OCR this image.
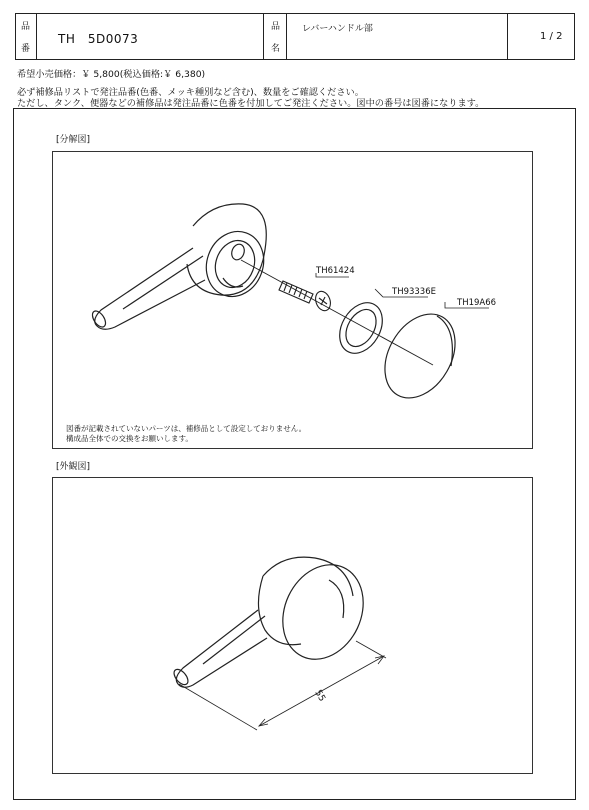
品
番
TH　5D0073
品
名
レバーハンドル部
1 / 2
希望小売価格：￥ 5,800(税込価格:￥ 6,380)
必ず補修品リストで発注品番(色番、メッキ種別など含む)、数量をご確認ください。
ただし、タンク、便器などの補修品は発注品番に色番を付加してご発注ください。図中の番号は図番になります。
[分解図]
TH61424
TH93336E
TH19A66
図番が記載されていないパーツは、補修品として設定しておりません。
構成品全体での交換をお願いします。
[外観図]
55
